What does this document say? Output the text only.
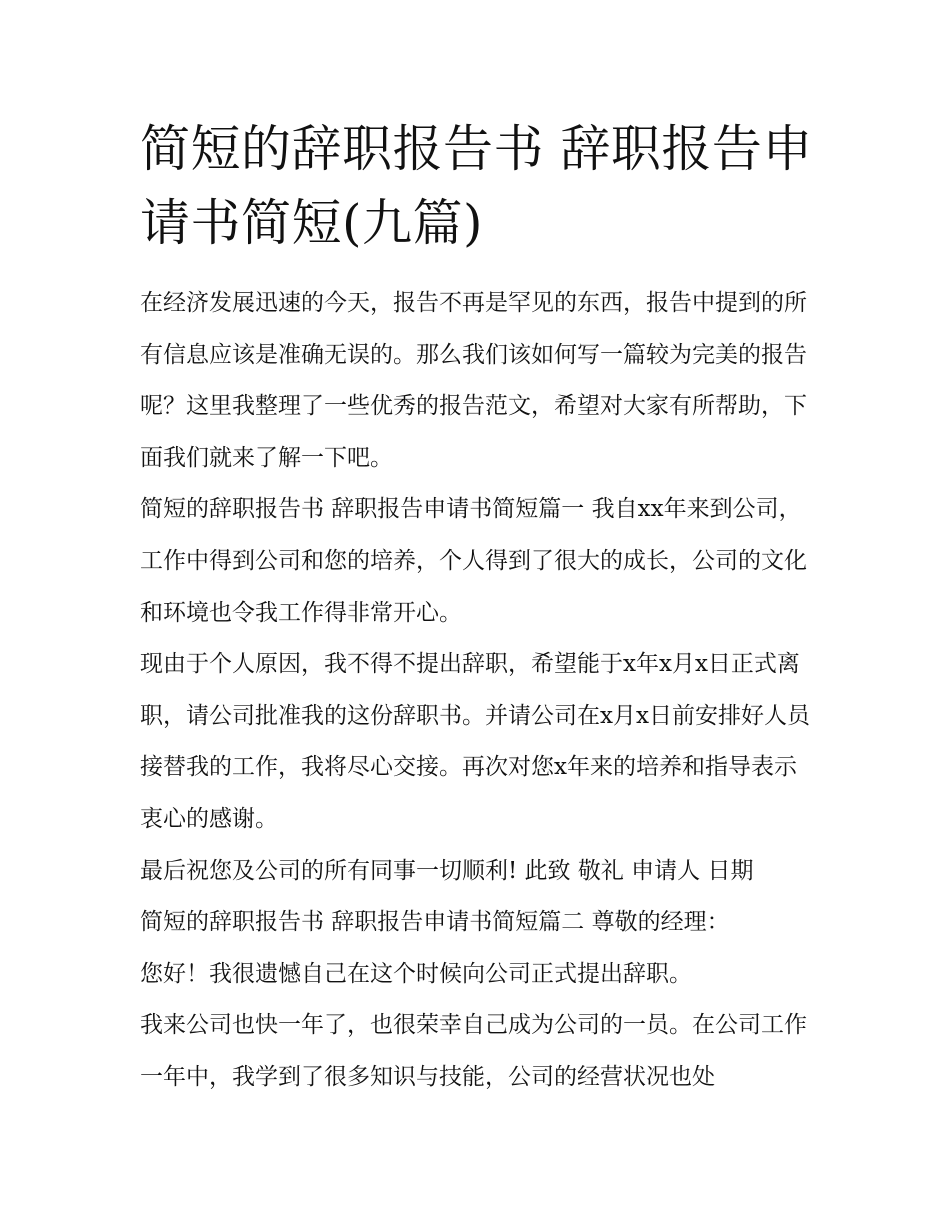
简短的辞职报告书 辞职报告申请书简短(九篇)

在经济发展迅速的今天，报告不再是罕见的东西，报告中提到的所有信息应该是准确无误的。那么我们该如何写一篇较为完美的报告呢？这里我整理了一些优秀的报告范文，希望对大家有所帮助，下面我们就来了解一下吧。

简短的辞职报告书 辞职报告申请书简短篇一 我自xx年来到公司，工作中得到公司和您的培养，个人得到了很大的成长，公司的文化和环境也令我工作得非常开心。

现由于个人原因，我不得不提出辞职，希望能于x年x月x日正式离职，请公司批准我的这份辞职书。并请公司在x月x日前安排好人员接替我的工作，我将尽心交接。再次对您x年来的培养和指导表示衷心的感谢。

最后祝您及公司的所有同事一切顺利! 此致 敬礼 申请人 日期

简短的辞职报告书 辞职报告申请书简短篇二 尊敬的经理：

您好！我很遗憾自己在这个时候向公司正式提出辞职。

我来公司也快一年了，也很荣幸自己成为公司的一员。在公司工作一年中，我学到了很多知识与技能，公司的经营状况也处
